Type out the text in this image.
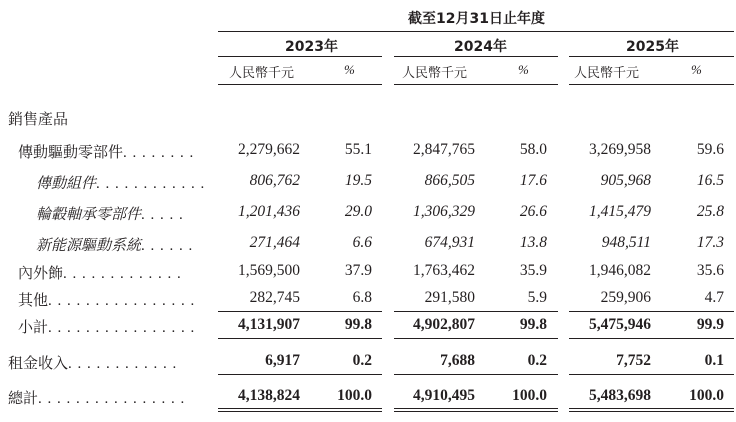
截至12月31日止年度
2023年	2024年	2025年
人民幣千元	%	人民幣千元	%	人民幣千元	%
銷售產品
傳動驅動零部件. . . . . . . .	2,279,662	55.1	2,847,765	58.0	3,269,958	59.6
傳動組件. . . . . . . . . . . .	806,762	19.5	866,505	17.6	905,968	16.5
輪轂軸承零部件. . . . .	1,201,436	29.0	1,306,329	26.6	1,415,479	25.8
新能源驅動系統. . . . . .	271,464	6.6	674,931	13.8	948,511	17.3
內外飾. . . . . . . . . . . . .	1,569,500	37.9	1,763,462	35.9	1,946,082	35.6
其他. . . . . . . . . . . . . . . .	282,745	6.8	291,580	5.9	259,906	4.7
小計. . . . . . . . . . . . . . . .	4,131,907	99.8	4,902,807	99.8	5,475,946	99.9
租金收入. . . . . . . . . . . .	6,917	0.2	7,688	0.2	7,752	0.1
總計. . . . . . . . . . . . . . . .	4,138,824 100.0	4,910,495 100.0	5,483,698 100.0
